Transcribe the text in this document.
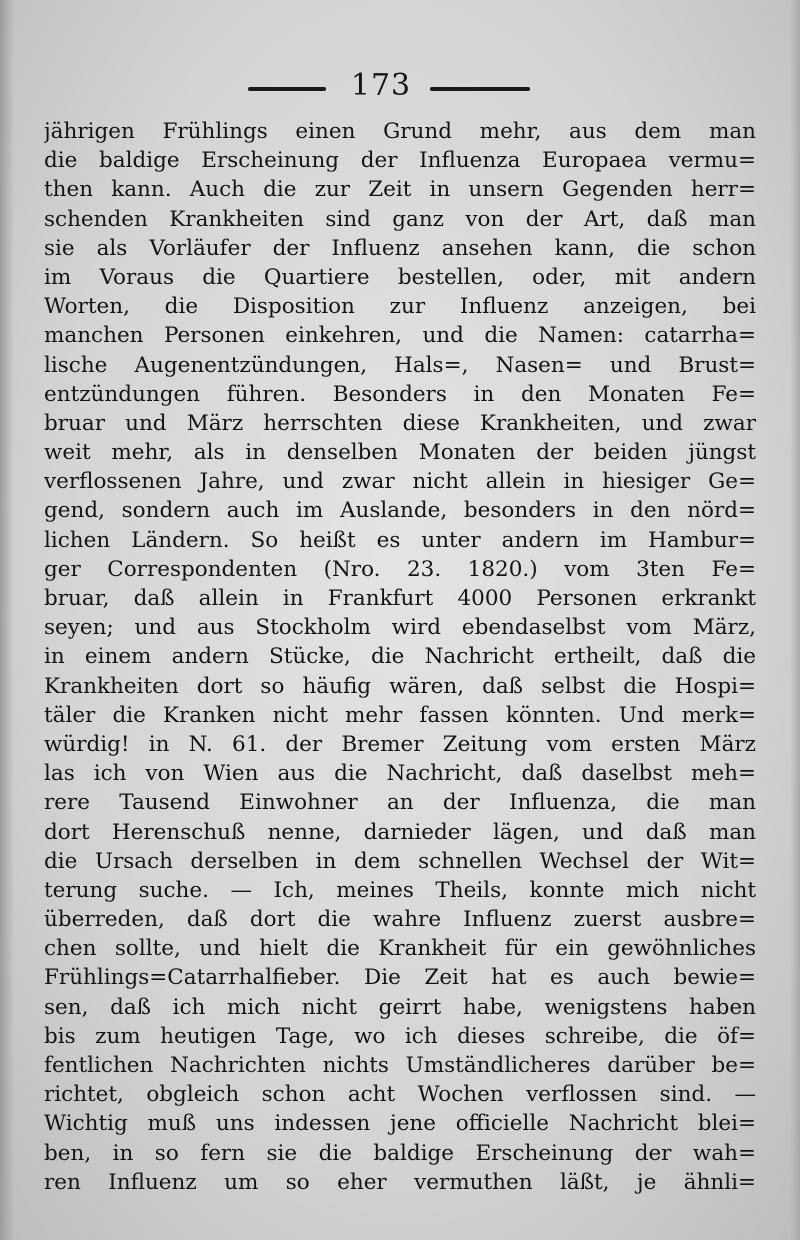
173
jährigen Frühlings einen Grund mehr, aus dem man
die baldige Erscheinung der Influenza Europaea vermu=
then kann. Auch die zur Zeit in unsern Gegenden herr=
schenden Krankheiten sind ganz von der Art, daß man
sie als Vorläufer der Influenz ansehen kann, die schon
im Voraus die Quartiere bestellen, oder, mit andern
Worten, die Disposition zur Influenz anzeigen, bei
manchen Personen einkehren, und die Namen: catarrha=
lische Augenentzündungen, Hals=, Nasen= und Brust=
entzündungen führen. Besonders in den Monaten Fe=
bruar und März herrschten diese Krankheiten, und zwar
weit mehr, als in denselben Monaten der beiden jüngst
verflossenen Jahre, und zwar nicht allein in hiesiger Ge=
gend, sondern auch im Auslande, besonders in den nörd=
lichen Ländern. So heißt es unter andern im Hambur=
ger Correspondenten (Nro. 23. 1820.) vom 3ten Fe=
bruar, daß allein in Frankfurt 4000 Personen erkrankt
seyen; und aus Stockholm wird ebendaselbst vom März,
in einem andern Stücke, die Nachricht ertheilt, daß die
Krankheiten dort so häufig wären, daß selbst die Hospi=
täler die Kranken nicht mehr fassen könnten. Und merk=
würdig! in N. 61. der Bremer Zeitung vom ersten März
las ich von Wien aus die Nachricht, daß daselbst meh=
rere Tausend Einwohner an der Influenza, die man
dort Herenschuß nenne, darnieder lägen, und daß man
die Ursach derselben in dem schnellen Wechsel der Wit=
terung suche. — Ich, meines Theils, konnte mich nicht
überreden, daß dort die wahre Influenz zuerst ausbre=
chen sollte, und hielt die Krankheit für ein gewöhnliches
Frühlings=Catarrhalfieber. Die Zeit hat es auch bewie=
sen, daß ich mich nicht geirrt habe, wenigstens haben
bis zum heutigen Tage, wo ich dieses schreibe, die öf=
fentlichen Nachrichten nichts Umständlicheres darüber be=
richtet, obgleich schon acht Wochen verflossen sind. —
Wichtig muß uns indessen jene officielle Nachricht blei=
ben, in so fern sie die baldige Erscheinung der wah=
ren Influenz um so eher vermuthen läßt, je ähnli=
